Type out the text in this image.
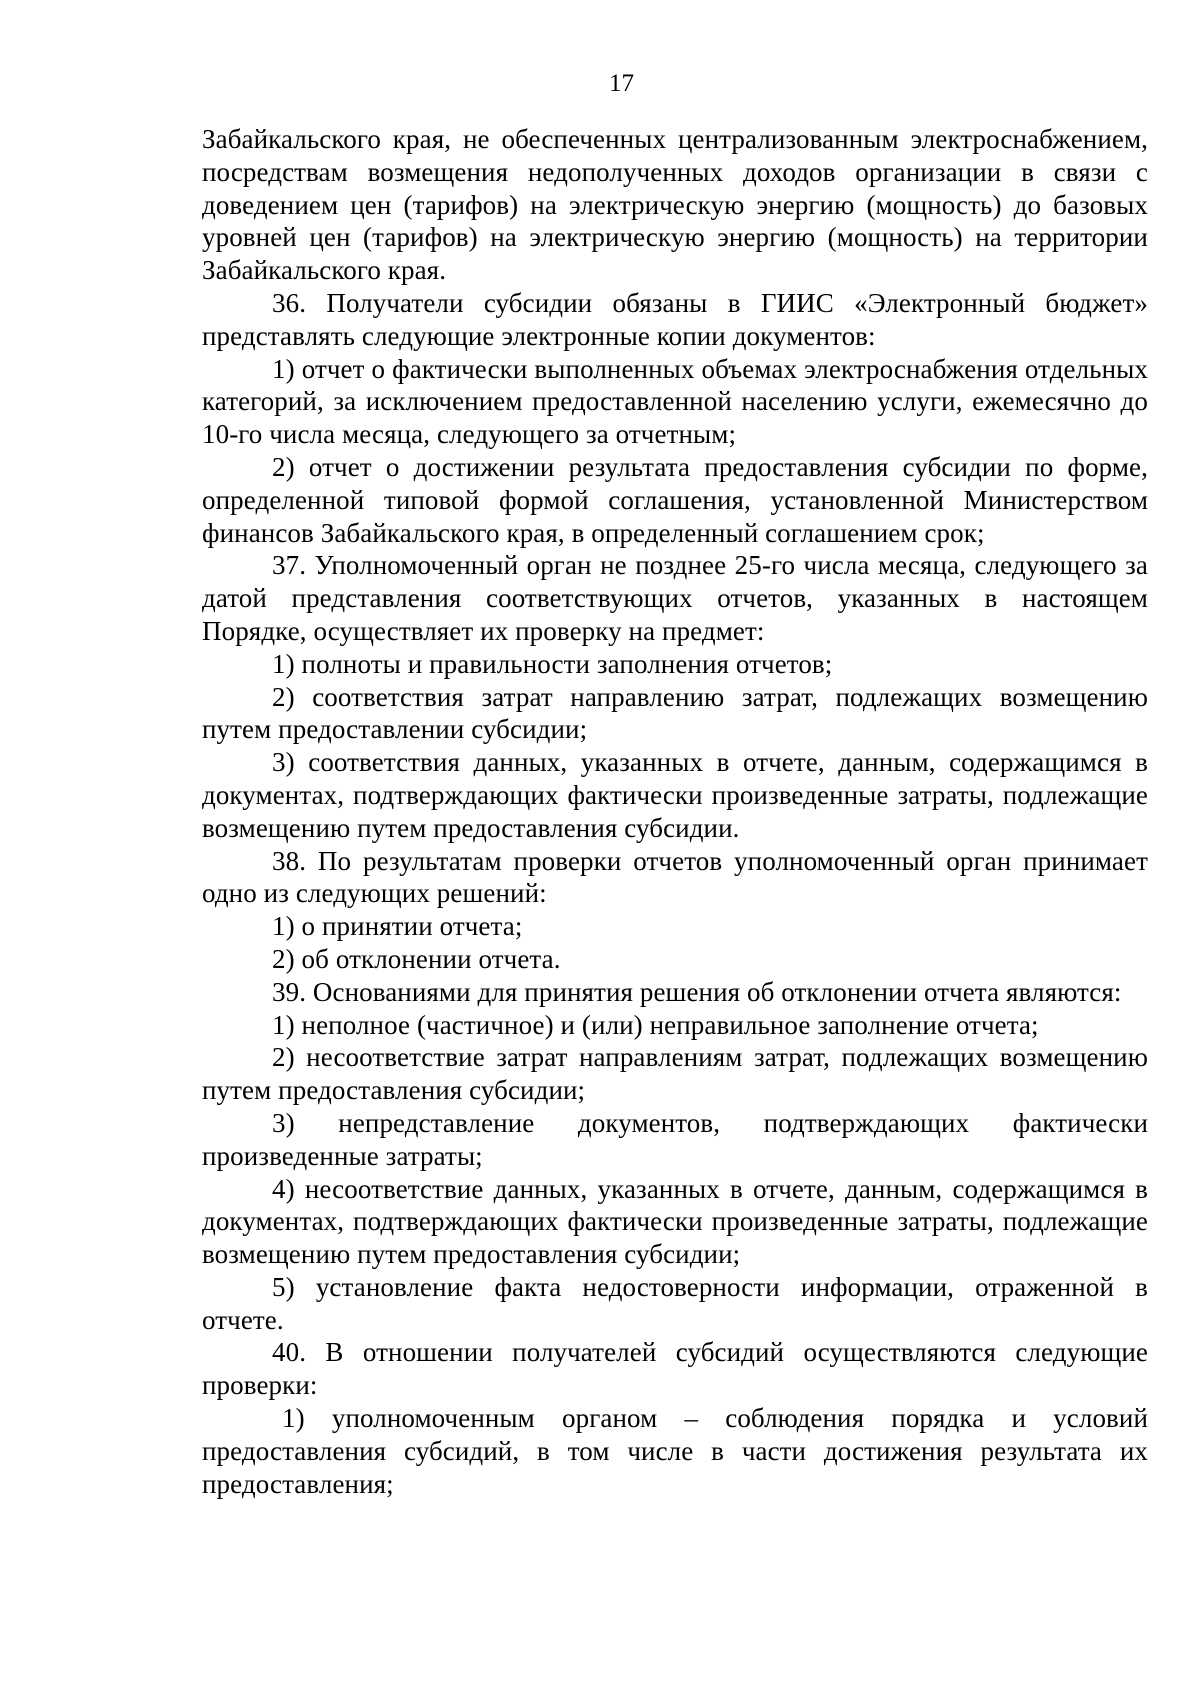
17

Забайкальского края, не обеспеченных централизованным электроснабжением, посредствам возмещения недополученных доходов организации в связи с доведением цен (тарифов) на электрическую энергию (мощность) до базовых уровней цен (тарифов) на электрическую энергию (мощность) на территории Забайкальского края.

36. Получатели субсидии обязаны в ГИИС «Электронный бюджет» представлять следующие электронные копии документов:

1) отчет о фактически выполненных объемах электроснабжения отдельных категорий, за исключением предоставленной населению услуги, ежемесячно до 10-го числа месяца, следующего за отчетным;

2) отчет о достижении результата предоставления субсидии по форме, определенной типовой формой соглашения, установленной Министерством финансов Забайкальского края, в определенный соглашением срок;

37. Уполномоченный орган не позднее 25-го числа месяца, следующего за датой представления соответствующих отчетов, указанных в настоящем Порядке, осуществляет их проверку на предмет:

1) полноты и правильности заполнения отчетов;

2) соответствия затрат направлению затрат, подлежащих возмещению путем предоставлении субсидии;

3) соответствия данных, указанных в отчете, данным, содержащимся в документах, подтверждающих фактически произведенные затраты, подлежащие возмещению путем предоставления субсидии.

38. По результатам проверки отчетов уполномоченный орган принимает одно из следующих решений:

1) о принятии отчета;

2) об отклонении отчета.

39. Основаниями для принятия решения об отклонении отчета являются:

1) неполное (частичное) и (или) неправильное заполнение отчета;

2) несоответствие затрат направлениям затрат, подлежащих возмещению путем предоставления субсидии;

3) непредставление документов, подтверждающих фактически произведенные затраты;

4) несоответствие данных, указанных в отчете, данным, содержащимся в документах, подтверждающих фактически произведенные затраты, подлежащие возмещению путем предоставления субсидии;

5) установление факта недостоверности информации, отраженной в отчете.

40. В отношении получателей субсидий осуществляются следующие проверки:

1) уполномоченным органом – соблюдения порядка и условий предоставления субсидий, в том числе в части достижения результата их предоставления;
